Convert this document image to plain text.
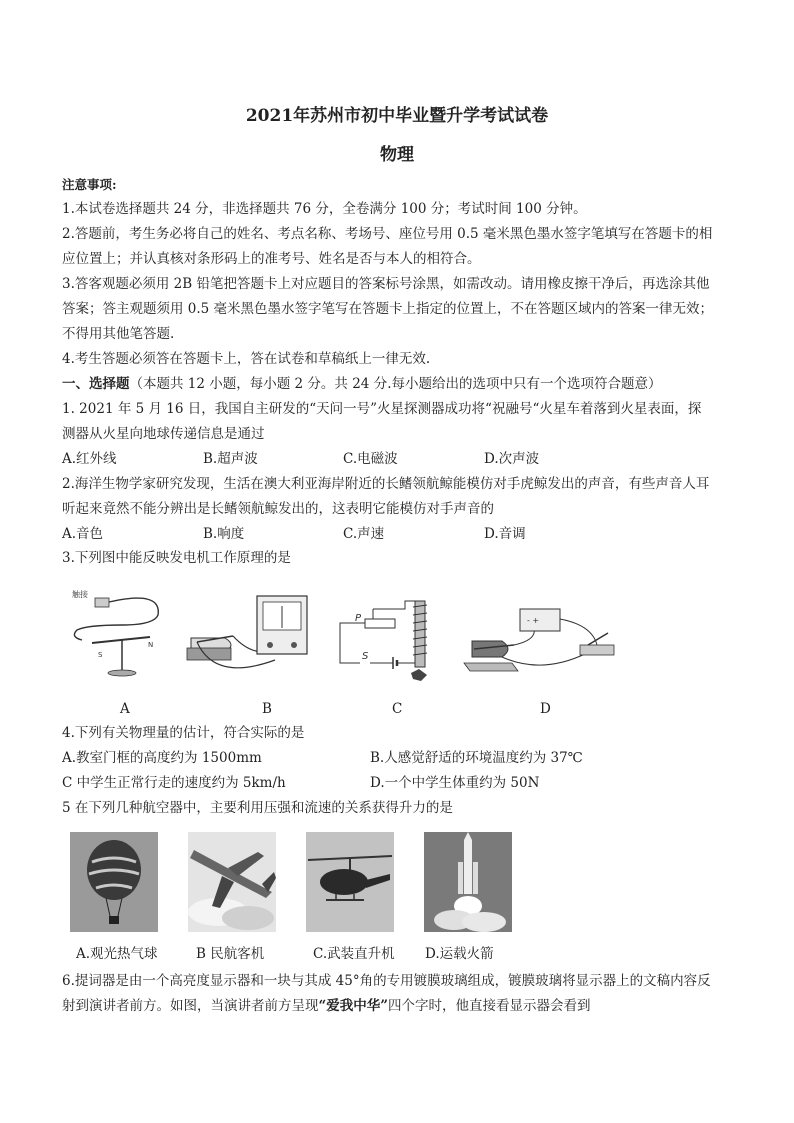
2021年苏州市初中毕业暨升学考试试卷
物理
注意事项:
1.本试卷选择题共 24 分，非选择题共 76 分，全卷满分 100 分；考试时间 100 分钟。
2.答题前，考生务必将自己的姓名、考点名称、考场号、座位号用 0.5 毫米黑色墨水签字笔填写在答题卡的相
应位置上；并认真核对条形码上的准考号、姓名是否与本人的相符合。
3.答客观题必须用 2B 铅笔把答题卡上对应题目的答案标号涂黑，如需改动。请用橡皮擦干净后，再选涂其他
答案；答主观题须用 0.5 毫米黑色墨水签字笔写在答题卡上指定的位置上，不在答题区域内的答案一律无效；
不得用其他笔答题.
4.考生答题必须答在答题卡上，答在试卷和草稿纸上一律无效.
一、选择题（本题共 12 小题，每小题 2 分。共 24 分.每小题给出的选项中只有一个选项符合题意）
1. 2021 年 5 月 16 日，我国自主研发的“天问一号”火星探测器成功将“祝融号“火星车着落到火星表面，探
测器从火星向地球传递信息是通过
A.红外线	B.超声波	C.电磁波	D.次声波
2.海洋生物学家研究发现，生活在澳大利亚海岸附近的长鳍领航鲸能模仿对手虎鲸发出的声音，有些声音人耳
听起来竟然不能分辨出是长鳍领航鲸发出的，这表明它能模仿对手声音的
A.音色	B.响度	C.声速	D.音调
3.下列图中能反映发电机工作原理的是
触接
S
N
P
S
- +
A	B	C	D
4.下列有关物理量的估计，符合实际的是
A.教室门框的高度约为 1500mm	B.人感觉舒适的环境温度约为 37℃
C 中学生正常行走的速度约为 5km/h	D.一个中学生体重约为 50N
5 在下列几种航空器中，主要利用压强和流速的关系获得升力的是
A.观光热气球	B 民航客机	C.武装直升机 D.运载火箭
6.提词器是由一个高亮度显示器和一块与其成 45°角的专用镀膜玻璃组成，镀膜玻璃将显示器上的文稿内容反
射到演讲者前方。如图，当演讲者前方呈现“爱我中华”四个字时，他直接看显示器会看到
